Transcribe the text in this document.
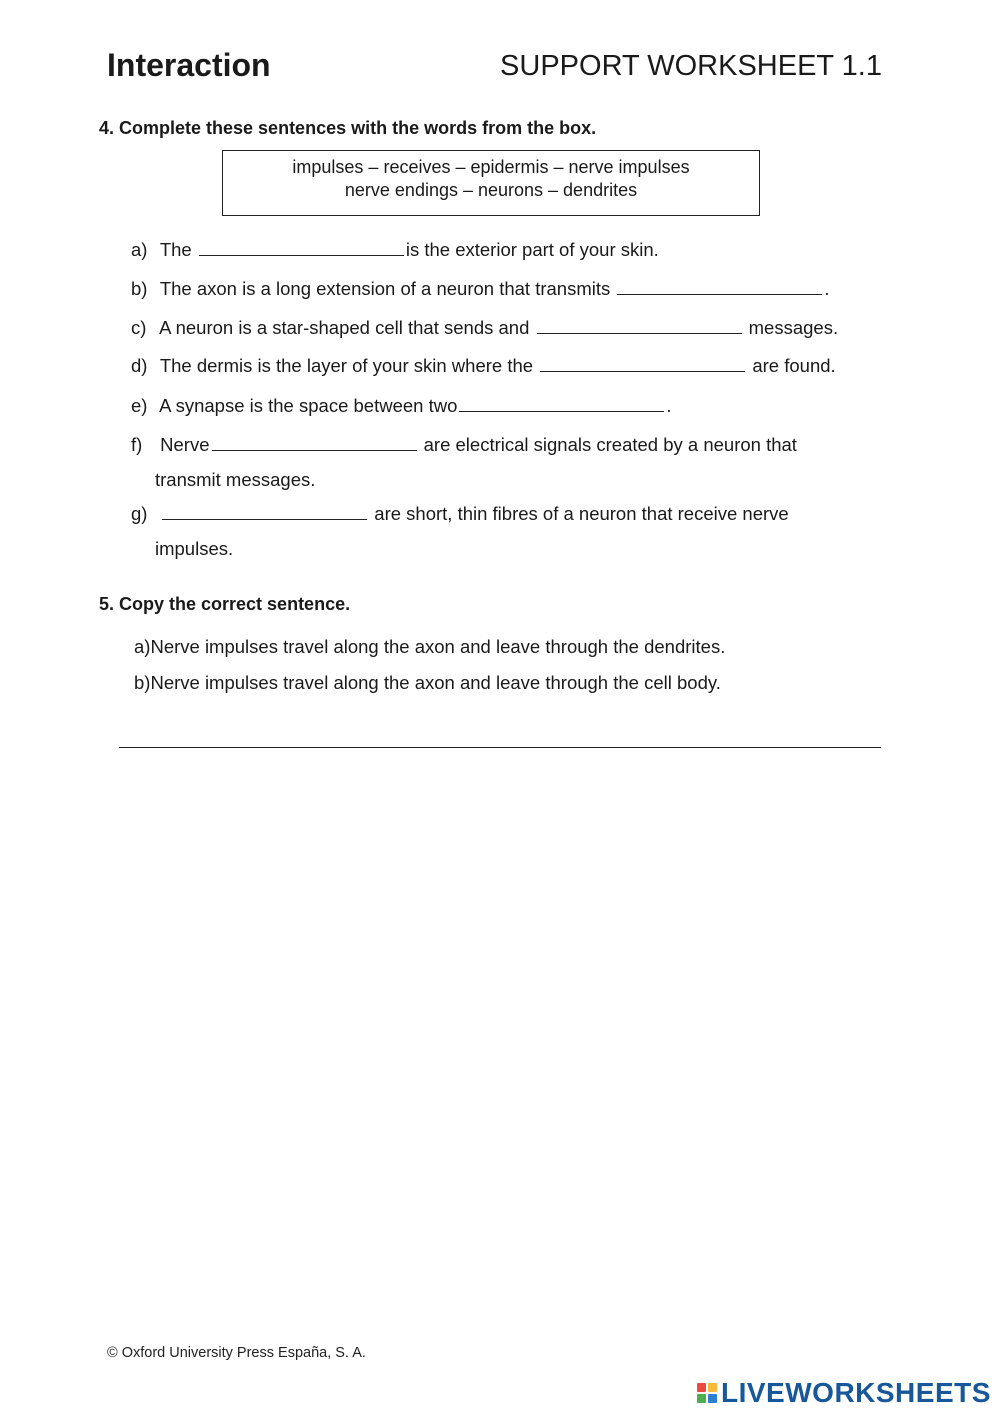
Interaction	SUPPORT WORKSHEET 1.1
4. Complete these sentences with the words from the box.
impulses – receives – epidermis – nerve impulses
nerve endings – neurons – dendrites
a) The	is the exterior part of your skin.
b) The axon is a long extension of a neuron that transmits	.
c) A neuron is a star-shaped cell that sends and	messages.
d) The dermis is the layer of your skin where the	are found.
e) A synapse is the space between two	.
f) Nerve	are electrical signals created by a neuron that
transmit messages.
g)	are short, thin fibres of a neuron that receive nerve
impulses.
5. Copy the correct sentence.
a)Nerve impulses travel along the axon and leave through the dendrites.
b)Nerve impulses travel along the axon and leave through the cell body.
© Oxford University Press España, S. A.
LIVEWORKSHEETS
